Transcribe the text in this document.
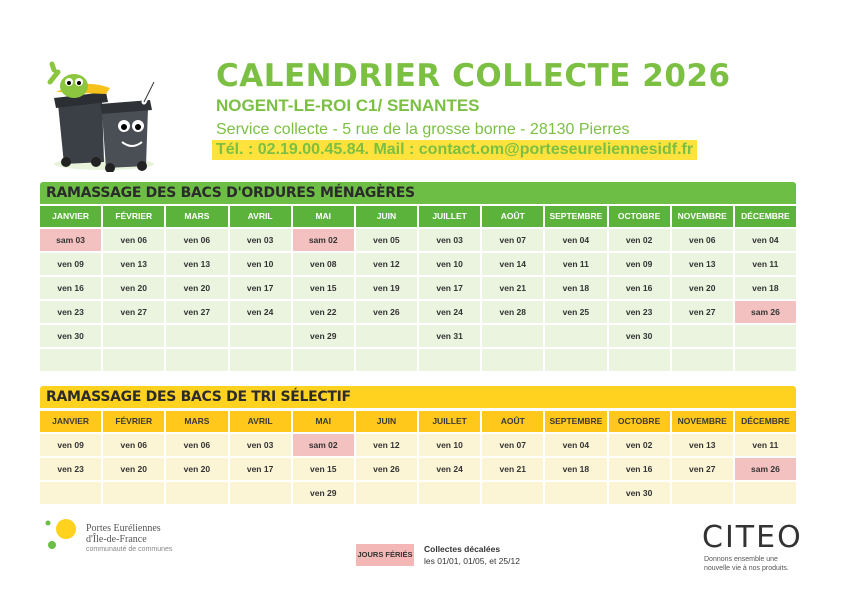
CALENDRIER COLLECTE 2026
NOGENT-LE-ROI C1/ SENANTES
Service collecte - 5 rue de la grosse borne - 28130 Pierres
Tél. : 02.19.00.45.84. Mail : contact.om@porteseureliennesidf.fr
RAMASSAGE DES BACS D'ORDURES MÉNAGÈRES
JANVIER
sam 03
ven 09
ven 16
ven 23
ven 30
FÉVRIER
ven 06
ven 13
ven 20
ven 27
MARS
ven 06
ven 13
ven 20
ven 27
AVRIL
ven 03
ven 10
ven 17
ven 24
MAI
sam 02
ven 08
ven 15
ven 22
ven 29
JUIN
ven 05
ven 12
ven 19
ven 26
JUILLET
ven 03
ven 10
ven 17
ven 24
ven 31
AOÛT
ven 07
ven 14
ven 21
ven 28
SEPTEMBRE
ven 04
ven 11
ven 18
ven 25
OCTOBRE
ven 02
ven 09
ven 16
ven 23
ven 30
NOVEMBRE
ven 06
ven 13
ven 20
ven 27
DÉCEMBRE
ven 04
ven 11
ven 18
sam 26
RAMASSAGE DES BACS DE TRI SÉLECTIF
JANVIER
ven 09
ven 23
FÉVRIER
ven 06
ven 20
MARS
ven 06
ven 20
AVRIL
ven 03
ven 17
MAI
sam 02
ven 15
ven 29
JUIN
ven 12
ven 26
JUILLET
ven 10
ven 24
AOÛT
ven 07
ven 21
SEPTEMBRE
ven 04
ven 18
OCTOBRE
ven 02
ven 16
ven 30
NOVEMBRE
ven 13
ven 27
DÉCEMBRE
ven 11
sam 26
Portes Euréliennes
d'Île-de-France
communauté de communes
JOURS FÉRIÉS
Collectes décalées
les 01/01, 01/05, et 25/12
CITEO
Donnons ensemble une
nouvelle vie à nos produits.
